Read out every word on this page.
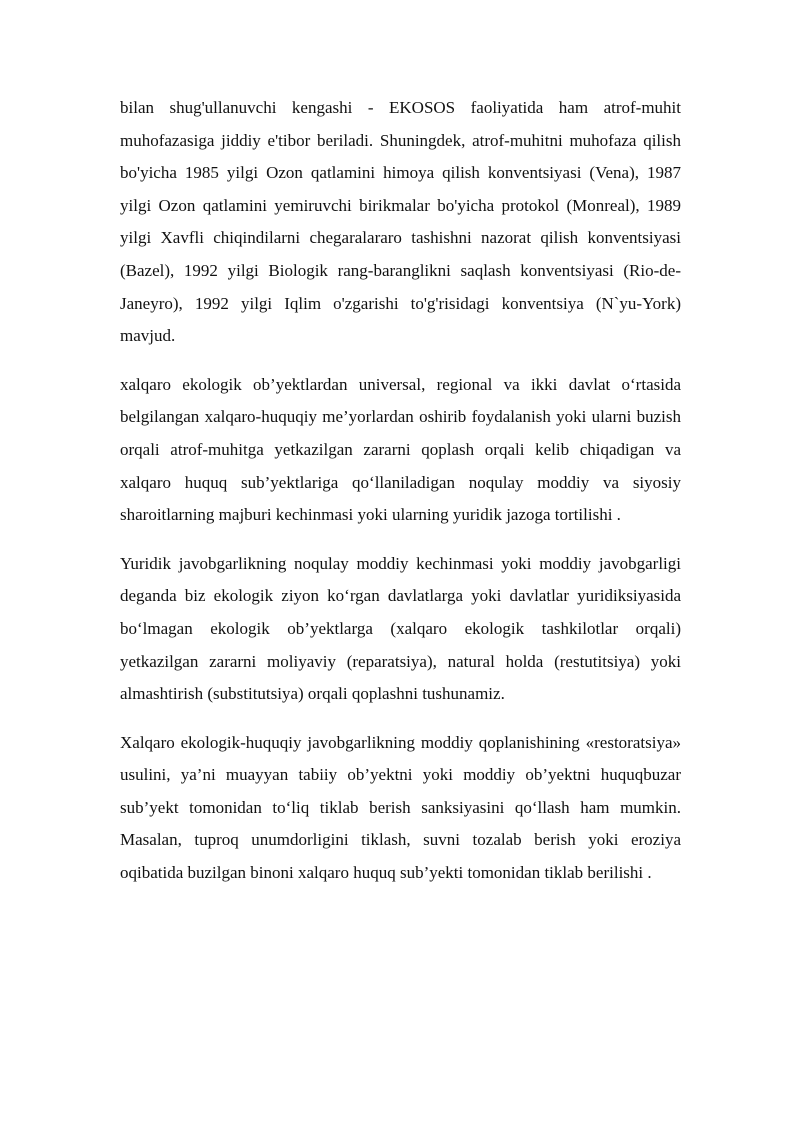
bilan shug'ullanuvchi kengashi - EKOSOS faoliyatida ham atrof-muhit muhofazasiga jiddiy e'tibor beriladi. Shuningdek, atrof-muhitni muhofaza qilish bo'yicha 1985 yilgi Ozon qatlamini himoya qilish konventsiyasi (Vena), 1987 yilgi Ozon qatlamini yemiruvchi birikmalar bo'yicha protokol (Monreal), 1989 yilgi Xavfli chiqindilarni chegaralararo tashishni nazorat qilish konventsiyasi (Bazel), 1992 yilgi Biologik rang-baranglikni saqlash konventsiyasi (Rio-de-Janeyro), 1992 yilgi Iqlim o'zgarishi to'g'risidagi konventsiya (N`yu-York) mavjud.

xalqaro ekologik ob’yektlardan universal, regional va ikki davlat o‘rtasida belgilangan xalqaro-huquqiy me’yorlardan oshirib foydalanish yoki ularni buzish orqali atrof-muhitga yetkazilgan zararni qoplash orqali kelib chiqadigan va xalqaro huquq sub’yektlariga qo‘llaniladigan noqulay moddiy va siyosiy sharoitlarning majburi kechinmasi yoki ularning yuridik jazoga tortilishi .

Yuridik javobgarlikning noqulay moddiy kechinmasi yoki moddiy javobgarligi deganda biz ekologik ziyon ko‘rgan davlatlarga yoki davlatlar yuridiksiyasida bo‘lmagan ekologik ob’yektlarga (xalqaro ekologik tashkilotlar orqali) yetkazilgan zararni moliyaviy (reparatsiya), natural holda (restutitsiya) yoki almashtirish (substitutsiya) orqali qoplashni tushunamiz.

Xalqaro ekologik-huquqiy javobgarlikning moddiy qoplanishining «restoratsiya» usulini, ya’ni muayyan tabiiy ob’yektni yoki moddiy ob’yektni huquqbuzar sub’yekt tomonidan to‘liq tiklab berish sanksiyasini qo‘llash ham mumkin. Masalan, tuproq unumdorligini tiklash, suvni tozalab berish yoki eroziya oqibatida buzilgan binoni xalqaro huquq sub’yekti tomonidan tiklab berilishi .
